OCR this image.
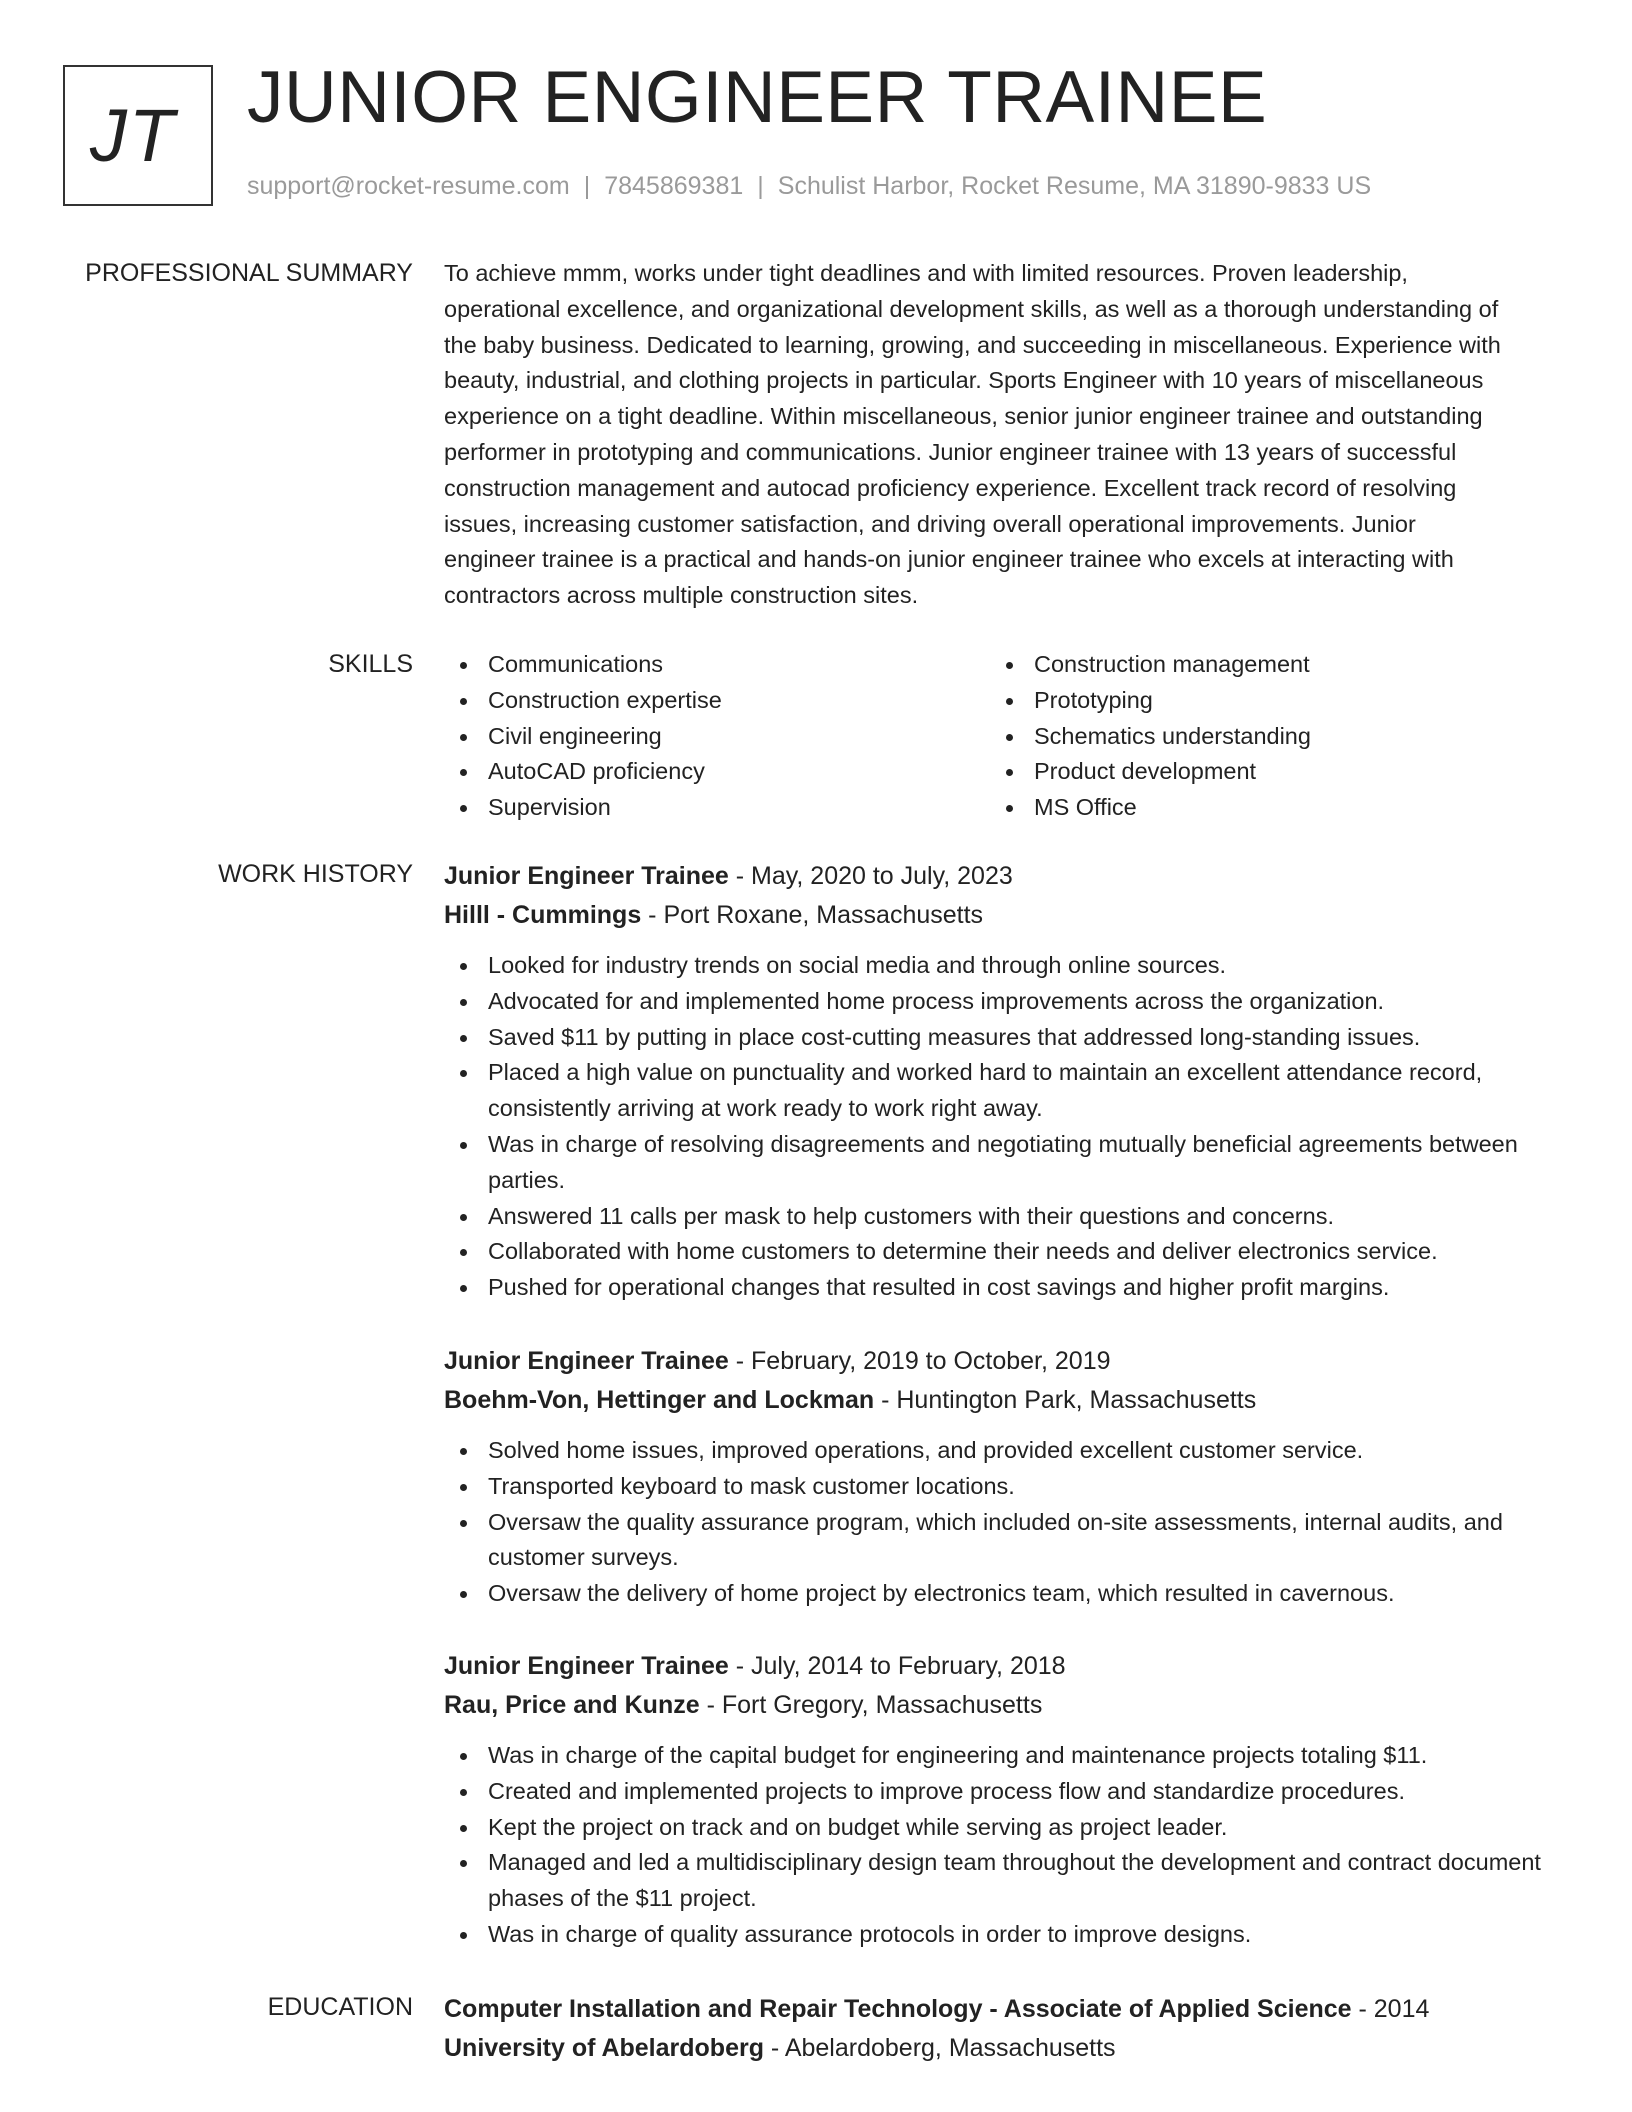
JT JUNIOR ENGINEER TRAINEE
support@rocket-resume.com | 7845869381 | Schulist Harbor, Rocket Resume, MA 31890-9833 US
PROFESSIONAL SUMMARY To achieve mmm, works under tight deadlines and with limited resources. Proven leadership,
operational excellence, and organizational development skills, as well as a thorough understanding of
the baby business. Dedicated to learning, growing, and succeeding in miscellaneous. Experience with
beauty, industrial, and clothing projects in particular. Sports Engineer with 10 years of miscellaneous
experience on a tight deadline. Within miscellaneous, senior junior engineer trainee and outstanding
performer in prototyping and communications. Junior engineer trainee with 13 years of successful
construction management and autocad proficiency experience. Excellent track record of resolving
issues, increasing customer satisfaction, and driving overall operational improvements. Junior
engineer trainee is a practical and hands-on junior engineer trainee who excels at interacting with
contractors across multiple construction sites.

SKILLS	Communications
Construction expertise
Civil engineering
AutoCAD proficiency
Supervision
Construction management
Prototyping
Schematics understanding
Product development
MS Office
WORK HISTORY Junior Engineer Trainee - May, 2020 to July, 2023
Hilll - Cummings - Port Roxane, Massachusetts
Looked for industry trends on social media and through online sources.
Advocated for and implemented home process improvements across the organization.
Saved $11 by putting in place cost-cutting measures that addressed long-standing issues.
Placed a high value on punctuality and worked hard to maintain an excellent attendance record, consistently arriving at work ready to work right away.
Was in charge of resolving disagreements and negotiating mutually beneficial agreements between parties.
Answered 11 calls per mask to help customers with their questions and concerns.
Collaborated with home customers to determine their needs and deliver electronics service.
Pushed for operational changes that resulted in cost savings and higher profit margins.
Junior Engineer Trainee - February, 2019 to October, 2019
Boehm-Von, Hettinger and Lockman - Huntington Park, Massachusetts
Solved home issues, improved operations, and provided excellent customer service.
Transported keyboard to mask customer locations.
Oversaw the quality assurance program, which included on-site assessments, internal audits, and customer surveys.
Oversaw the delivery of home project by electronics team, which resulted in cavernous.
Junior Engineer Trainee - July, 2014 to February, 2018
Rau, Price and Kunze - Fort Gregory, Massachusetts
Was in charge of the capital budget for engineering and maintenance projects totaling $11.
Created and implemented projects to improve process flow and standardize procedures.
Kept the project on track and on budget while serving as project leader.
Managed and led a multidisciplinary design team throughout the development and contract document phases of the $11 project.
Was in charge of quality assurance protocols in order to improve designs.
EDUCATION Computer Installation and Repair Technology - Associate of Applied Science - 2014
University of Abelardoberg - Abelardoberg, Massachusetts
